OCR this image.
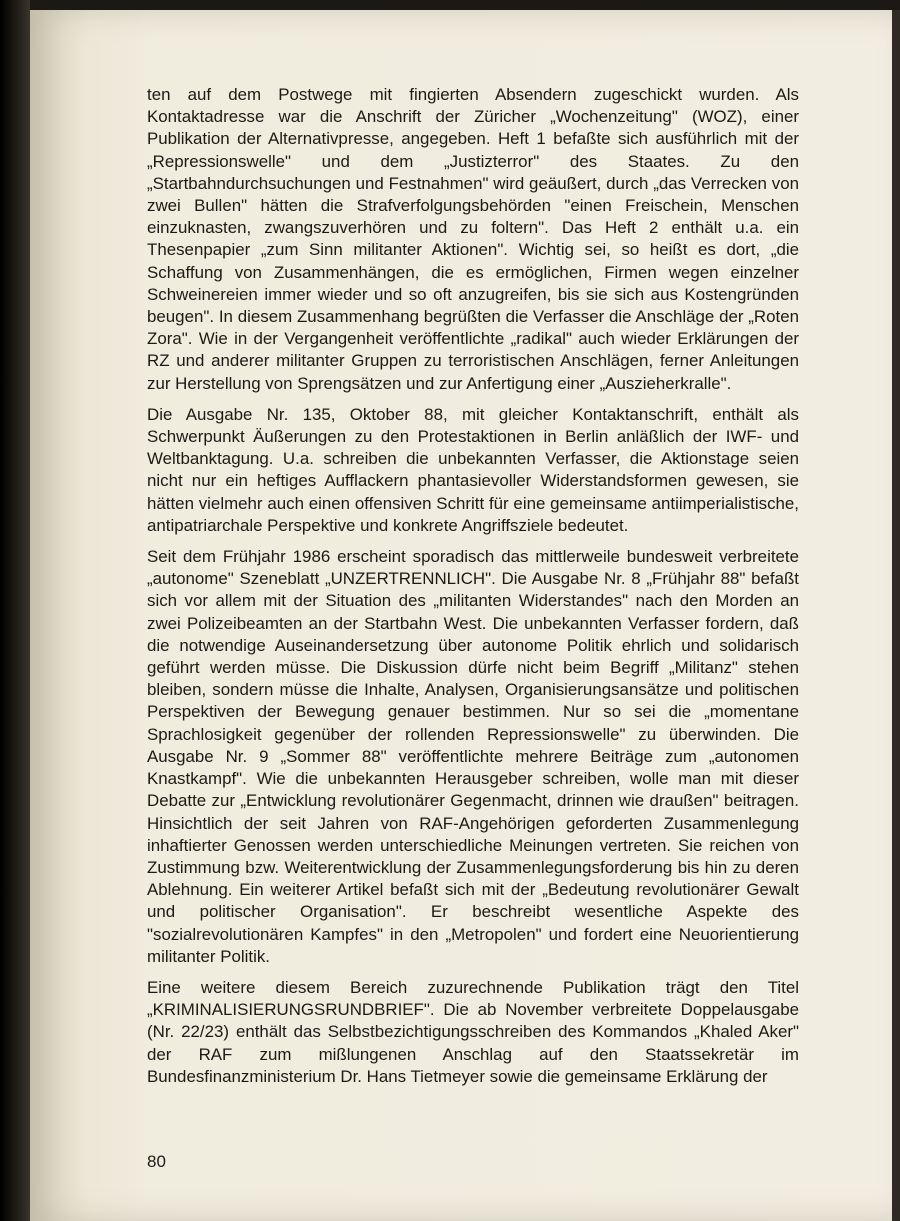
ten auf dem Postwege mit fingierten Absendern zugeschickt wurden. Als Kontaktadresse war die Anschrift der Züricher „Wochenzeitung" (WOZ), einer Publikation der Alternativpresse, angegeben. Heft 1 befaßte sich ausführlich mit der „Repressionswelle" und dem „Justizterror" des Staates. Zu den „Startbahndurchsuchungen und Festnahmen" wird geäußert, durch „das Verrecken von zwei Bullen" hätten die Strafverfolgungsbehörden "einen Freischein, Menschen einzuknasten, zwangszuverhören und zu foltern". Das Heft 2 enthält u.a. ein Thesenpapier „zum Sinn militanter Aktionen". Wichtig sei, so heißt es dort, „die Schaffung von Zusammenhängen, die es ermöglichen, Firmen wegen einzelner Schweinereien immer wieder und so oft anzugreifen, bis sie sich aus Kostengründen beugen". In diesem Zusammenhang begrüßten die Verfasser die Anschläge der „Roten Zora". Wie in der Vergangenheit veröffentlichte „radikal" auch wieder Erklärungen der RZ und anderer militanter Gruppen zu terroristischen Anschlägen, ferner Anleitungen zur Herstellung von Sprengsätzen und zur Anfertigung einer „Auszieherkralle".

Die Ausgabe Nr. 135, Oktober 88, mit gleicher Kontaktanschrift, enthält als Schwerpunkt Äußerungen zu den Protestaktionen in Berlin anläßlich der IWF- und Weltbanktagung. U.a. schreiben die unbekannten Verfasser, die Aktionstage seien nicht nur ein heftiges Aufflackern phantasievoller Widerstandsformen gewesen, sie hätten vielmehr auch einen offensiven Schritt für eine gemeinsame antiimperialistische, antipatriarchale Perspektive und konkrete Angriffsziele bedeutet.

Seit dem Frühjahr 1986 erscheint sporadisch das mittlerweile bundesweit verbreitete „autonome" Szeneblatt „UNZERTRENNLICH". Die Ausgabe Nr. 8 „Frühjahr 88" befaßt sich vor allem mit der Situation des „militanten Widerstandes" nach den Morden an zwei Polizeibeamten an der Startbahn West. Die unbekannten Verfasser fordern, daß die notwendige Auseinandersetzung über autonome Politik ehrlich und solidarisch geführt werden müsse. Die Diskussion dürfe nicht beim Begriff „Militanz" stehen bleiben, sondern müsse die Inhalte, Analysen, Organisierungsansätze und politischen Perspektiven der Bewegung genauer bestimmen. Nur so sei die „momentane Sprachlosigkeit gegenüber der rollenden Repressionswelle" zu überwinden. Die Ausgabe Nr. 9 „Sommer 88" veröffentlichte mehrere Beiträge zum „autonomen Knastkampf". Wie die unbekannten Herausgeber schreiben, wolle man mit dieser Debatte zur „Entwicklung revolutionärer Gegenmacht, drinnen wie draußen" beitragen. Hinsichtlich der seit Jahren von RAF-Angehörigen geforderten Zusammenlegung inhaftierter Genossen werden unterschiedliche Meinungen vertreten. Sie reichen von Zustimmung bzw. Weiterentwicklung der Zusammenlegungsforderung bis hin zu deren Ablehnung. Ein weiterer Artikel befaßt sich mit der „Bedeutung revolutionärer Gewalt und politischer Organisation". Er beschreibt wesentliche Aspekte des "sozialrevolutionären Kampfes" in den „Metropolen" und fordert eine Neuorientierung militanter Politik.

Eine weitere diesem Bereich zuzurechnende Publikation trägt den Titel „KRIMINALISIERUNGSRUNDBRIEF". Die ab November verbreitete Doppelausgabe (Nr. 22/23) enthält das Selbstbezichtigungsschreiben des Kommandos „Khaled Aker" der RAF zum mißlungenen Anschlag auf den Staatssekretär im Bundesfinanzministerium Dr. Hans Tietmeyer sowie die gemeinsame Erklärung der

80
